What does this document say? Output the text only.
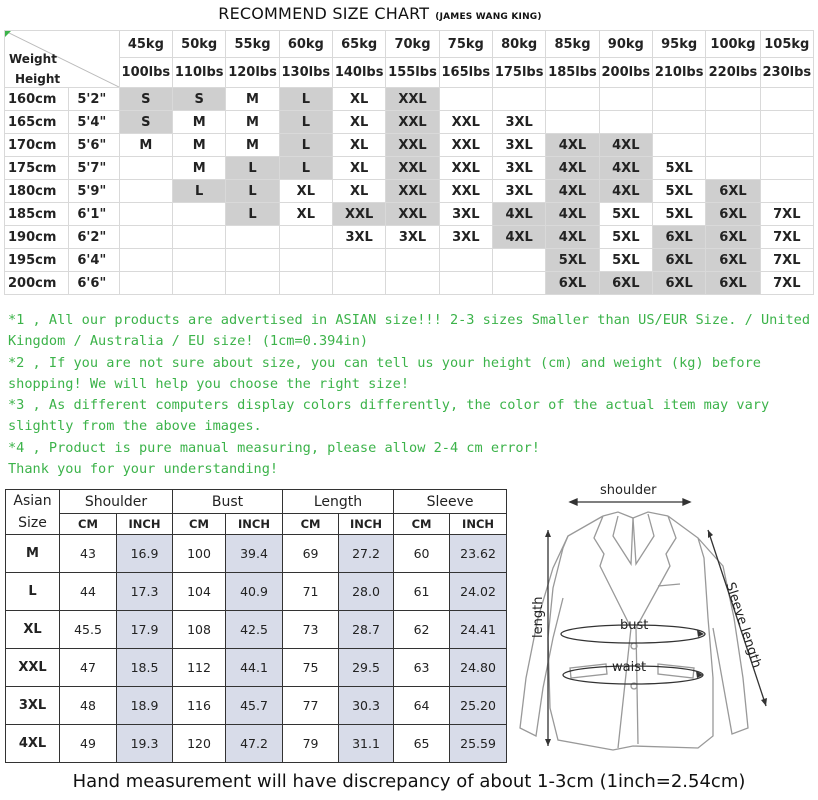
RECOMMEND SIZE CHART (JAMES WANG KING)
Weight
Height		45kg	50kg	55kg	60kg	65kg	70kg	75kg	80kg	85kg	90kg	95kg	100kg	105kg
		100lbs	110lbs	120lbs	130lbs	140lbs	155lbs	165lbs	175lbs	185lbs	200lbs	210lbs	220lbs	230lbs
160cm	5'2"	S	S	M	L	XL	XXL							
165cm	5'4"	S	M	M	L	XL	XXL	XXL	3XL					
170cm	5'6"	M	M	M	L	XL	XXL	XXL	3XL	4XL	4XL			
175cm	5'7"		M	L	L	XL	XXL	XXL	3XL	4XL	4XL	5XL		
180cm	5'9"		L	L	XL	XL	XXL	XXL	3XL	4XL	4XL	5XL	6XL	
185cm	6'1"			L	XL	XXL	XXL	3XL	4XL	4XL	5XL	5XL	6XL	7XL
190cm	6'2"					3XL	3XL	3XL	4XL	4XL	5XL	6XL	6XL	7XL
195cm	6'4"									5XL	5XL	6XL	6XL	7XL
200cm	6'6"									6XL	6XL	6XL	6XL	7XL

*1 , All our products are advertised in ASIAN size!!! 2-3 sizes Smaller than US/EUR Size. / United Kingdom / Australia / EU size! (1cm=0.394in)

*2 , If you are not sure about size, you can tell us your height (cm) and weight (kg) before shopping! We will help you choose the right size!

*3 , As different computers display colors differently, the color of the actual item may vary slightly from the above images.

*4 , Product is pure manual measuring, please allow 2-4 cm error!

Thank you for your understanding!

Asian
Size	Shoulder		Bust		Length		Sleeve	
	CM	INCH	CM	INCH	CM	INCH	CM	INCH
M	43	16.9	100	39.4	69	27.2	60	23.62
L	44	17.3	104	40.9	71	28.0	61	24.02
XL	45.5	17.9	108	42.5	73	28.7	62	24.41
XXL	47	18.5	112	44.1	75	29.5	63	24.80
3XL	48	18.9	116	45.7	77	30.3	64	25.20
4XL	49	19.3	120	47.2	79	31.1	65	25.59
shoulder
bust
waist
length	Sleeve length
Hand measurement will have discrepancy of about 1-3cm (1inch=2.54cm)
